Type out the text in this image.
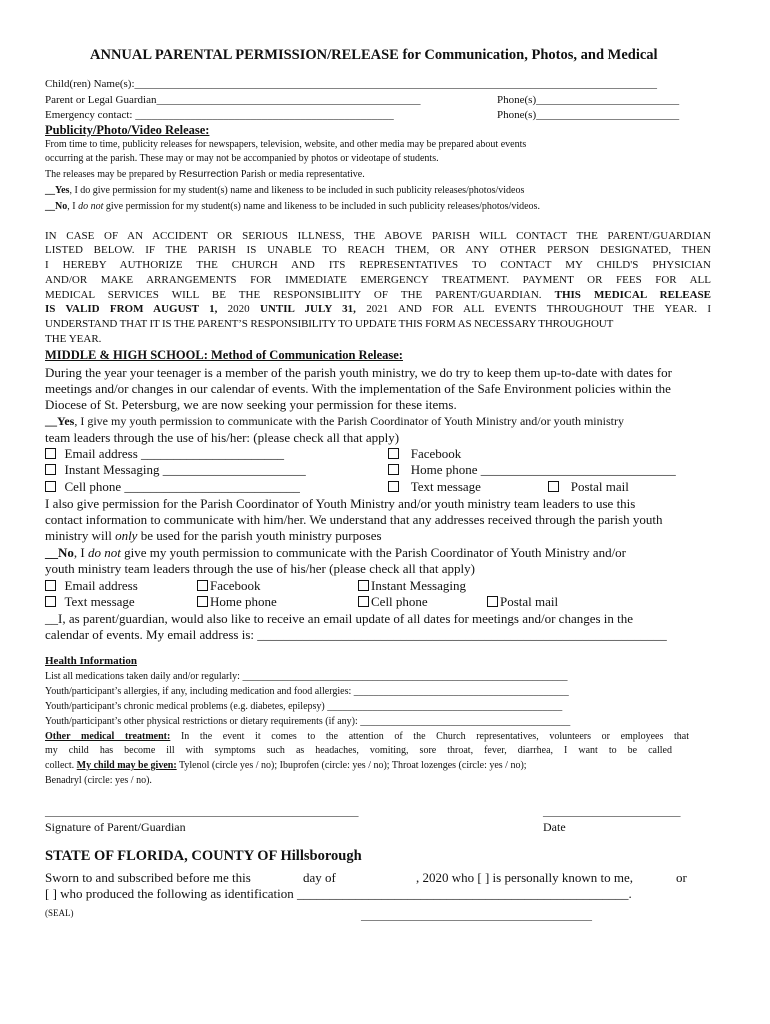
ANNUAL PARENTAL PERMISSION/RELEASE for Communication, Photos, and Medical
Child(ren) Name(s):_______________________________________________________________________________________________
Parent or Legal Guardian________________________________________________	Phone(s)__________________________
Emergency contact: _______________________________________________	Phone(s)__________________________
Publicity/Photo/Video Release:
From time to time, publicity releases for newspapers, television, website, and other media may be prepared about events
occurring at the parish. These may or may not be accompanied by photos or videotape of students.
The releases may be prepared by Resurrection Parish or media representative.
__Yes, I do give permission for my student(s) name and likeness to be included in such publicity releases/photos/videos
__No, I do not give permission for my student(s) name and likeness to be included in such publicity releases/photos/videos.
IN CASE OF AN ACCIDENT OR SERIOUS ILLNESS, THE ABOVE PARISH WILL CONTACT THE PARENT/GUARDIAN
LISTED BELOW. IF THE PARISH IS UNABLE TO REACH THEM, OR ANY OTHER PERSON DESIGNATED, THEN
I HEREBY AUTHORIZE THE CHURCH AND ITS REPRESENTATIVES TO CONTACT MY CHILD'S PHYSICIAN
AND/OR MAKE ARRANGEMENTS FOR IMMEDIATE EMERGENCY TREATMENT. PAYMENT OR FEES FOR ALL
MEDICAL SERVICES WILL BE THE RESPONSIBLIITY OF THE PARENT/GUARDIAN. THIS MEDICAL RELEASE
IS VALID FROM AUGUST 1, 2020 UNTIL JULY 31, 2021 AND FOR ALL EVENTS THROUGHOUT THE YEAR. I
UNDERSTAND THAT IT IS THE PARENT’S RESPONSIBILITY TO UPDATE THIS FORM AS NECESSARY THROUGHOUT
THE YEAR.
MIDDLE & HIGH SCHOOL: Method of Communication Release:
During the year your teenager is a member of the parish youth ministry, we do try to keep them up-to-date with dates for
meetings and/or changes in our calendar of events. With the implementation of the Safe Environment policies within the
Diocese of St. Petersburg, we are now seeking your permission for these items.
__Yes, I give my youth permission to communicate with the Parish Coordinator of Youth Ministry and/or youth ministry
team leaders through the use of his/her: (please check all that apply)
Email address ______________________	Facebook
Instant Messaging ______________________	Home phone ______________________________
Cell phone ___________________________	Text message	Postal mail
I also give permission for the Parish Coordinator of Youth Ministry and/or youth ministry team leaders to use this
contact information to communicate with him/her. We understand that any addresses received through the parish youth
ministry will only be used for the parish youth ministry purposes
__No, I do not give my youth permission to communicate with the Parish Coordinator of Youth Ministry and/or
youth ministry team leaders through the use of his/her (please check all that apply)
Email address	Facebook	Instant Messaging
Text message	Home phone	Cell phone	Postal mail
__I, as parent/guardian, would also like to receive an email update of all dates for meetings and/or changes in the
calendar of events. My email address is: _______________________________________________________________
Health Information
List all medications taken daily and/or regularly: _________________________________________________________________
Youth/participant’s allergies, if any, including medication and food allergies: ___________________________________________
Youth/participant’s chronic medical problems (e.g. diabetes, epilepsy) _______________________________________________
Youth/participant’s other physical restrictions or dietary requirements (if any): __________________________________________
Other medical treatment: In the event it comes to the attention of the Church representatives, volunteers or employees that
my child has become ill with symptoms such as headaches, vomiting, sore throat, fever, diarrhea, I want to be called
collect. My child may be given: Tylenol (circle yes / no); Ibuprofen (circle: yes / no); Throat lozenges (circle: yes / no);
Benadryl (circle: yes / no).
_________________________________________________________	_________________________
Signature of Parent/Guardian	Date
STATE OF FLORIDA, COUNTY OF Hillsborough
Sworn to and subscribed before me this	day of	, 2020 who [ ] is personally known to me,	or
[ ] who produced the following as identification ___________________________________________________.
(SEAL)	__________________________________________
